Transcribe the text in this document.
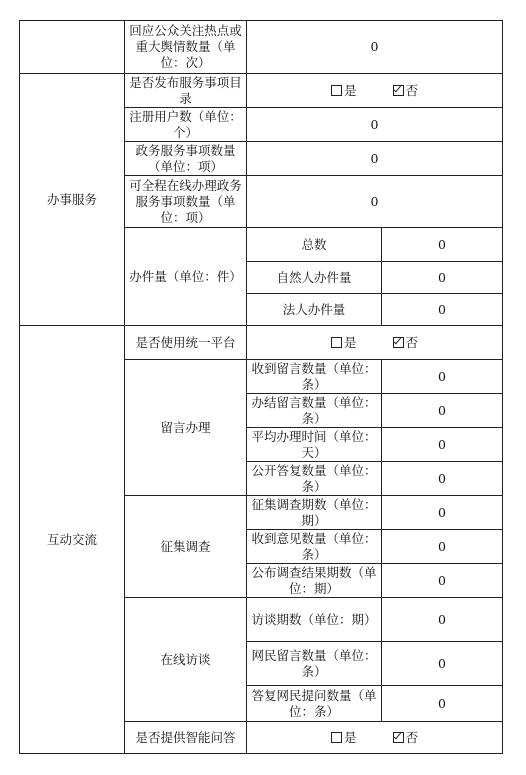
	回应公众关注热点或重大舆情数量（单位：次）	0	
办事服务	是否发布服务事项目录	是 否	
	注册用户数（单位：个）	0	
	政务服务事项数量（单位：项）	0	
	可全程在线办理政务服务事项数量（单位：项）	0	
	办件量（单位：件）	总数	0
		自然人办件量	0
		法人办件量	0
互动交流	是否使用统一平台	是 否	
	留言办理	收到留言数量（单位：条）	0
		办结留言数量（单位：条）	0
		平均办理时间（单位：天）	0
		公开答复数量（单位：条）	0
	征集调查	征集调查期数（单位：期）	0
		收到意见数量（单位：条）	0
		公布调查结果期数（单位：期）	0
	在线访谈	访谈期数（单位：期）	0
		网民留言数量（单位：条）	0
		答复网民提问数量（单位：条）	0
	是否提供智能问答	是 否	
